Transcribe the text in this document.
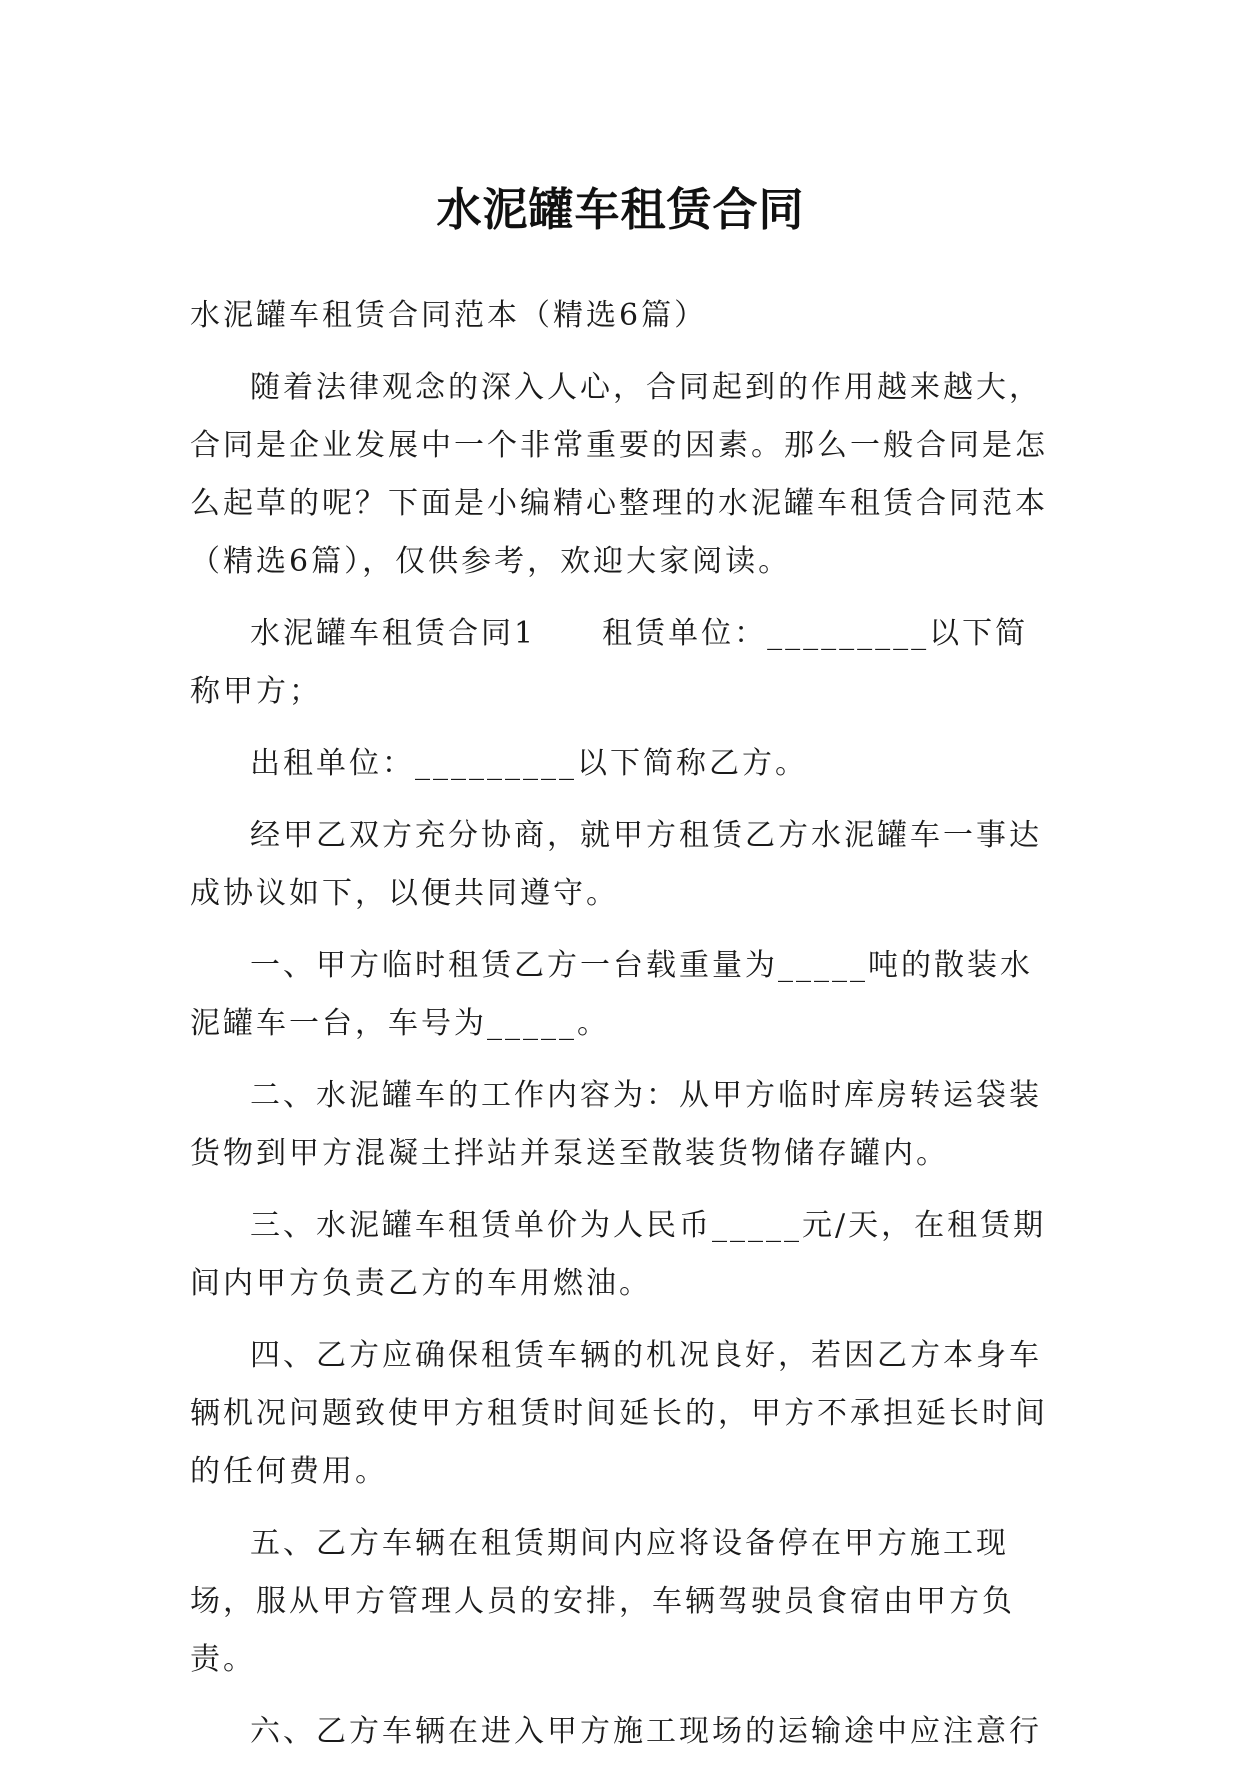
水泥罐车租赁合同

水泥罐车租赁合同范本（精选6篇）

随着法律观念的深入人心，合同起到的作用越来越大，合同是企业发展中一个非常重要的因素。那么一般合同是怎么起草的呢？下面是小编精心整理的水泥罐车租赁合同范本（精选6篇），仅供参考，欢迎大家阅读。

水泥罐车租赁合同1　　租赁单位：_________以下简称甲方；

出租单位：_________以下简称乙方。

经甲乙双方充分协商，就甲方租赁乙方水泥罐车一事达成协议如下，以便共同遵守。

一、甲方临时租赁乙方一台载重量为_____吨的散装水泥罐车一台，车号为_____。

二、水泥罐车的工作内容为：从甲方临时库房转运袋装货物到甲方混凝土拌站并泵送至散装货物储存罐内。

三、水泥罐车租赁单价为人民币_____元/天，在租赁期间内甲方负责乙方的车用燃油。

四、乙方应确保租赁车辆的机况良好，若因乙方本身车辆机况问题致使甲方租赁时间延长的，甲方不承担延长时间的任何费用。

五、乙方车辆在租赁期间内应将设备停在甲方施工现场，服从甲方管理人员的安排，车辆驾驶员食宿由甲方负责。

六、乙方车辆在进入甲方施工现场的运输途中应注意行
